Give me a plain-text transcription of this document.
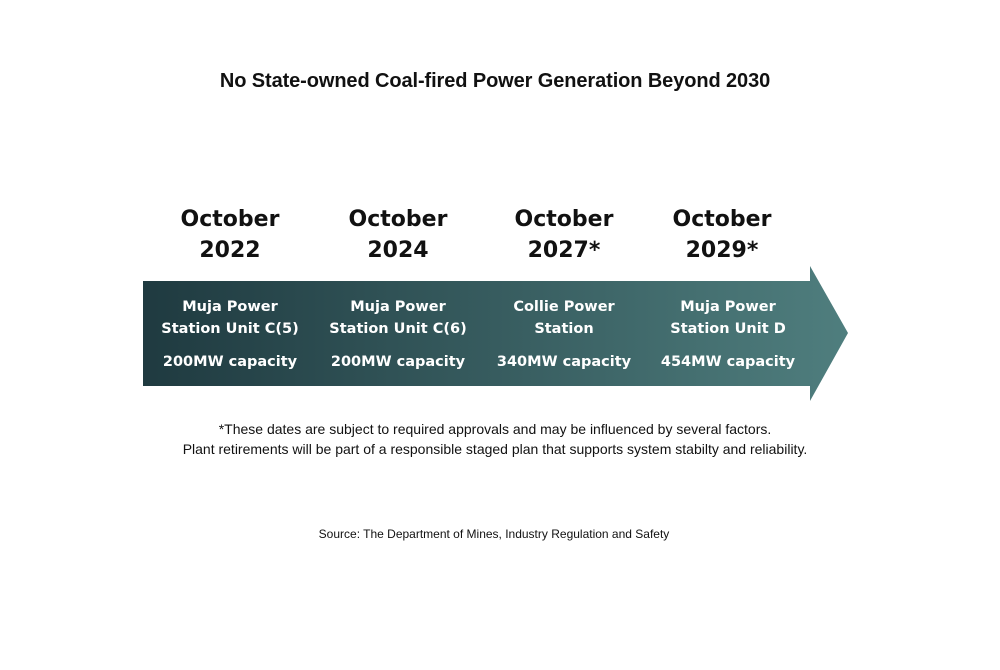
No State-owned Coal-fired Power Generation Beyond 2030
October
2022
October
2024
October
2027*
October
2029*
Muja Power
Station Unit C(5)
200MW capacity
Muja Power
Station Unit C(6)
200MW capacity
Collie Power
Station
340MW capacity
Muja Power
Station Unit D
454MW capacity
*These dates are subject to required approvals and may be influenced by several factors.
Plant retirements will be part of a responsible staged plan that supports system stabilty and reliability.
Source: The Department of Mines, Industry Regulation and Safety
